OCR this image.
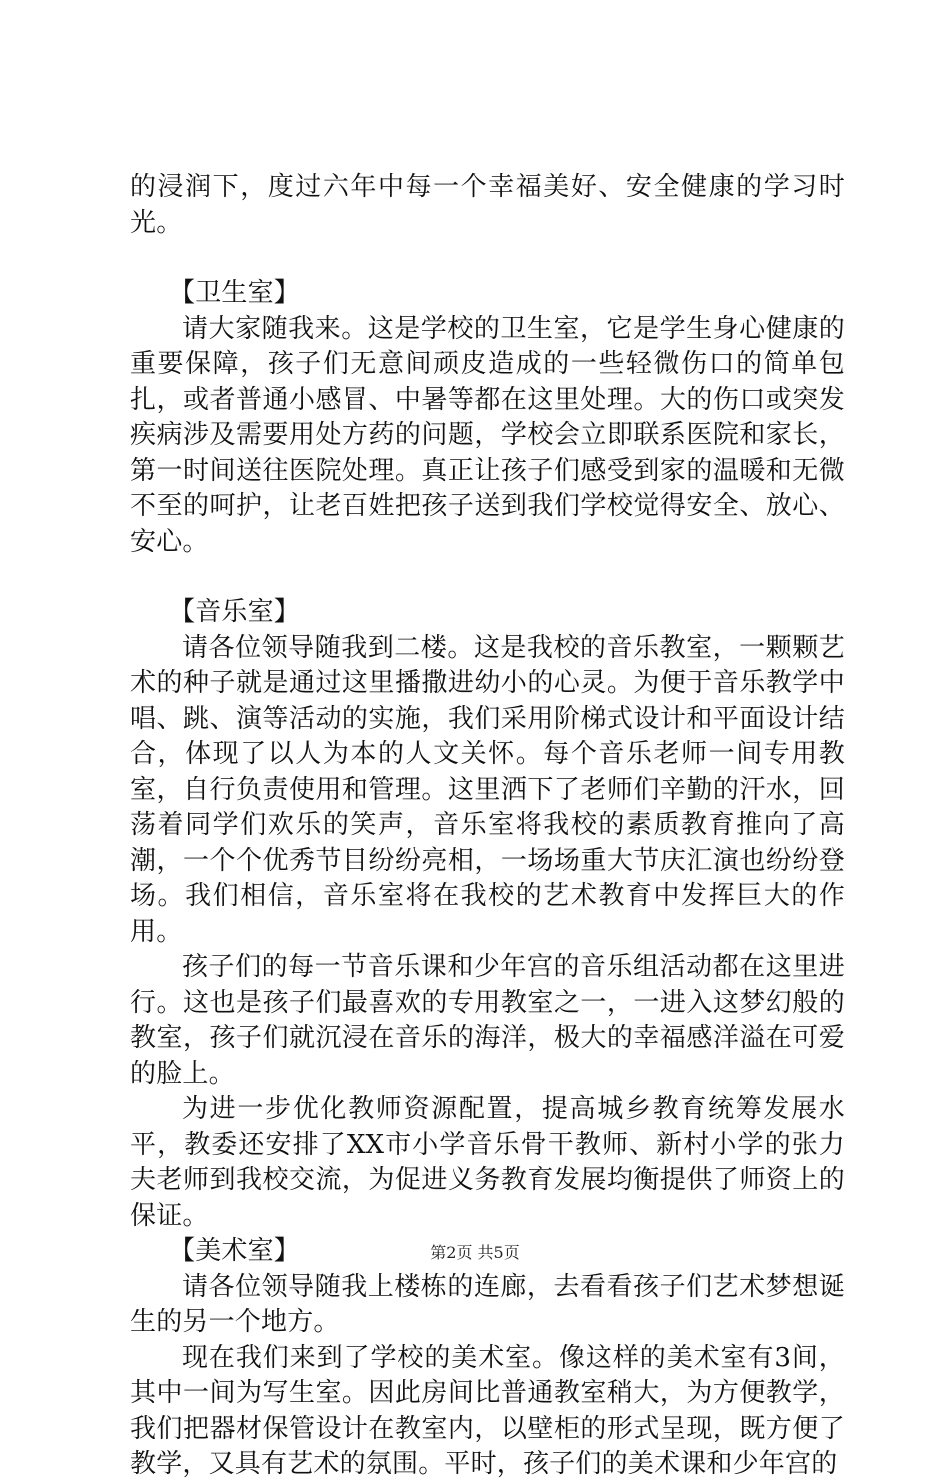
的浸润下，度过六年中每一个幸福美好、安全健康的学习时光。

【卫生室】

请大家随我来。这是学校的卫生室，它是学生身心健康的重要保障，孩子们无意间顽皮造成的一些轻微伤口的简单包扎，或者普通小感冒、中暑等都在这里处理。大的伤口或突发疾病涉及需要用处方药的问题，学校会立即联系医院和家长，第一时间送往医院处理。真正让孩子们感受到家的温暖和无微不至的呵护，让老百姓把孩子送到我们学校觉得安全、放心、安心。

【音乐室】

请各位领导随我到二楼。这是我校的音乐教室，一颗颗艺术的种子就是通过这里播撒进幼小的心灵。为便于音乐教学中唱、跳、演等活动的实施，我们采用阶梯式设计和平面设计结合，体现了以人为本的人文关怀。每个音乐老师一间专用教室，自行负责使用和管理。这里洒下了老师们辛勤的汗水，回荡着同学们欢乐的笑声，音乐室将我校的素质教育推向了高潮，一个个优秀节目纷纷亮相，一场场重大节庆汇演也纷纷登场。我们相信，音乐室将在我校的艺术教育中发挥巨大的作用。

孩子们的每一节音乐课和少年宫的音乐组活动都在这里进行。这也是孩子们最喜欢的专用教室之一，一进入这梦幻般的教室，孩子们就沉浸在音乐的海洋，极大的幸福感洋溢在可爱的脸上。

为进一步优化教师资源配置，提高城乡教育统筹发展水平，教委还安排了XX市小学音乐骨干教师、新村小学的张力夫老师到我校交流，为促进义务教育发展均衡提供了师资上的保证。

【美术室】

请各位领导随我上楼栋的连廊，去看看孩子们艺术梦想诞生的另一个地方。

现在我们来到了学校的美术室。像这样的美术室有3间，其中一间为写生室。因此房间比普通教室稍大，为方便教学，我们把器材保管设计在教室内，以壁柜的形式呈现，既方便了教学，又具有艺术的氛围。平时，孩子们的美术课和少年宫的

第2页 共5页
